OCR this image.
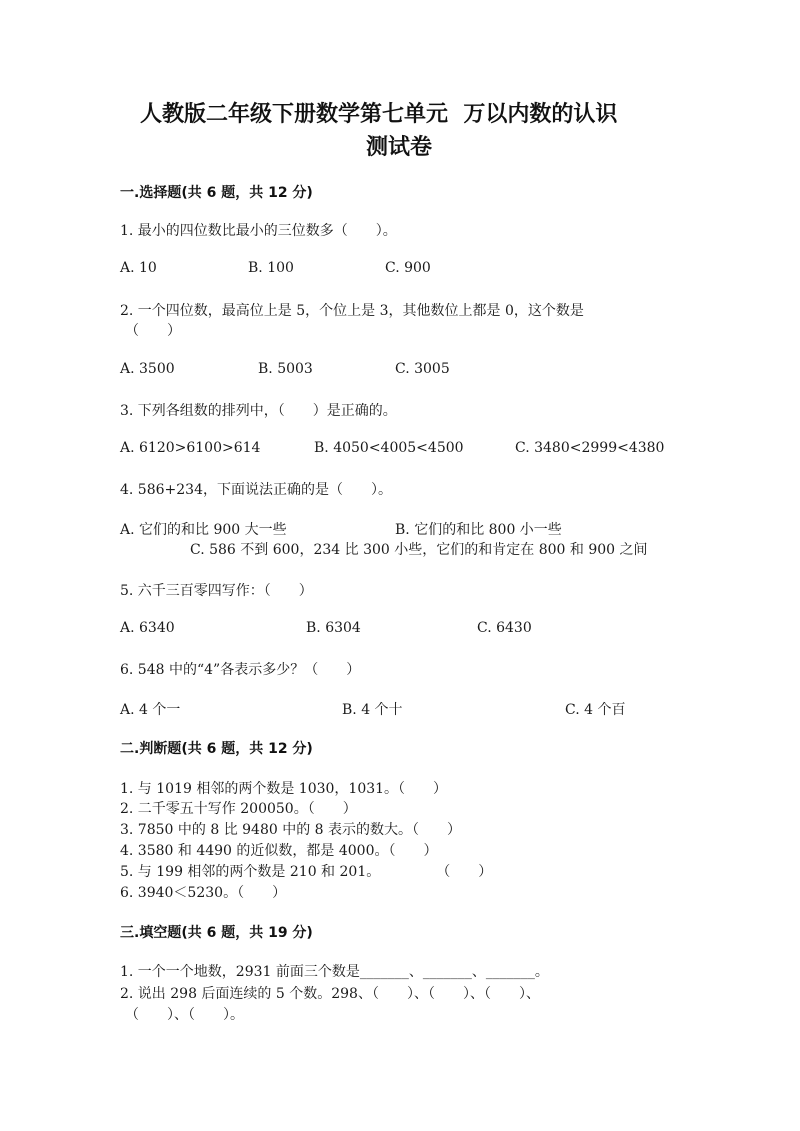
人教版二年级下册数学第七单元  万以内数的认识
测试卷
一.选择题(共 6 题，共 12 分)
1. 最小的四位数比最小的三位数多（　　）。
A. 10	B. 100	C. 900
2. 一个四位数，最高位上是 5，个位上是 3，其他数位上都是 0，这个数是
（　　）
A. 3500	B. 5003	C. 3005
3. 下列各组数的排列中，（　　）是正确的。
A. 6120>6100>614	B. 4050<4005<4500	C. 3480<2999<4380
4. 586+234，下面说法正确的是（　　）。
A. 它们的和比 900 大一些	B. 它们的和比 800 小一些
C. 586 不到 600，234 比 300 小些，它们的和肯定在 800 和 900 之间
5. 六千三百零四写作：（　　）
A. 6340	B. 6304	C. 6430
6. 548 中的“4”各表示多少？（　　）
A. 4 个一	B. 4 个十	C. 4 个百
二.判断题(共 6 题，共 12 分)
1. 与 1019 相邻的两个数是 1030，1031。（　　）
2. 二千零五十写作 200050。（　　）
3. 7850 中的 8 比 9480 中的 8 表示的数大。（　　）
4. 3580 和 4490 的近似数，都是 4000。（　　）
5. 与 199 相邻的两个数是 210 和 201。　　　　　（　　）
6. 3940＜5230。（　　）
三.填空题(共 6 题，共 19 分)
1. 一个一个地数，2931 前面三个数是_______、_______、_______。
2. 说出 298 后面连续的 5 个数。298、（　　）、（　　）、（　　）、
（　　）、（　　）。
